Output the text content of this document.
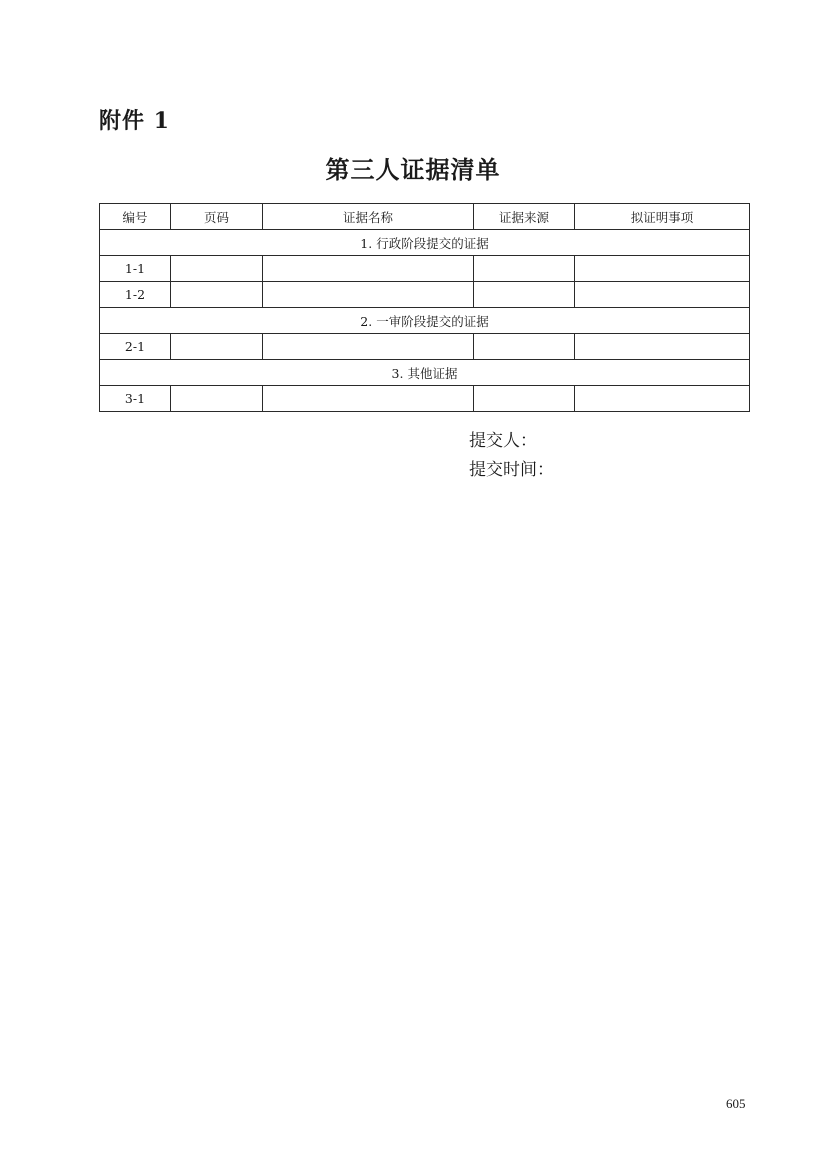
附件 1
第三人证据清单
编号	页码	证据名称	证据来源	拟证明事项
1. 行政阶段提交的证据				
1-1				
1-2				
2. 一审阶段提交的证据				
2-1				
3. 其他证据				
3-1				
提交人：
提交时间：
605
